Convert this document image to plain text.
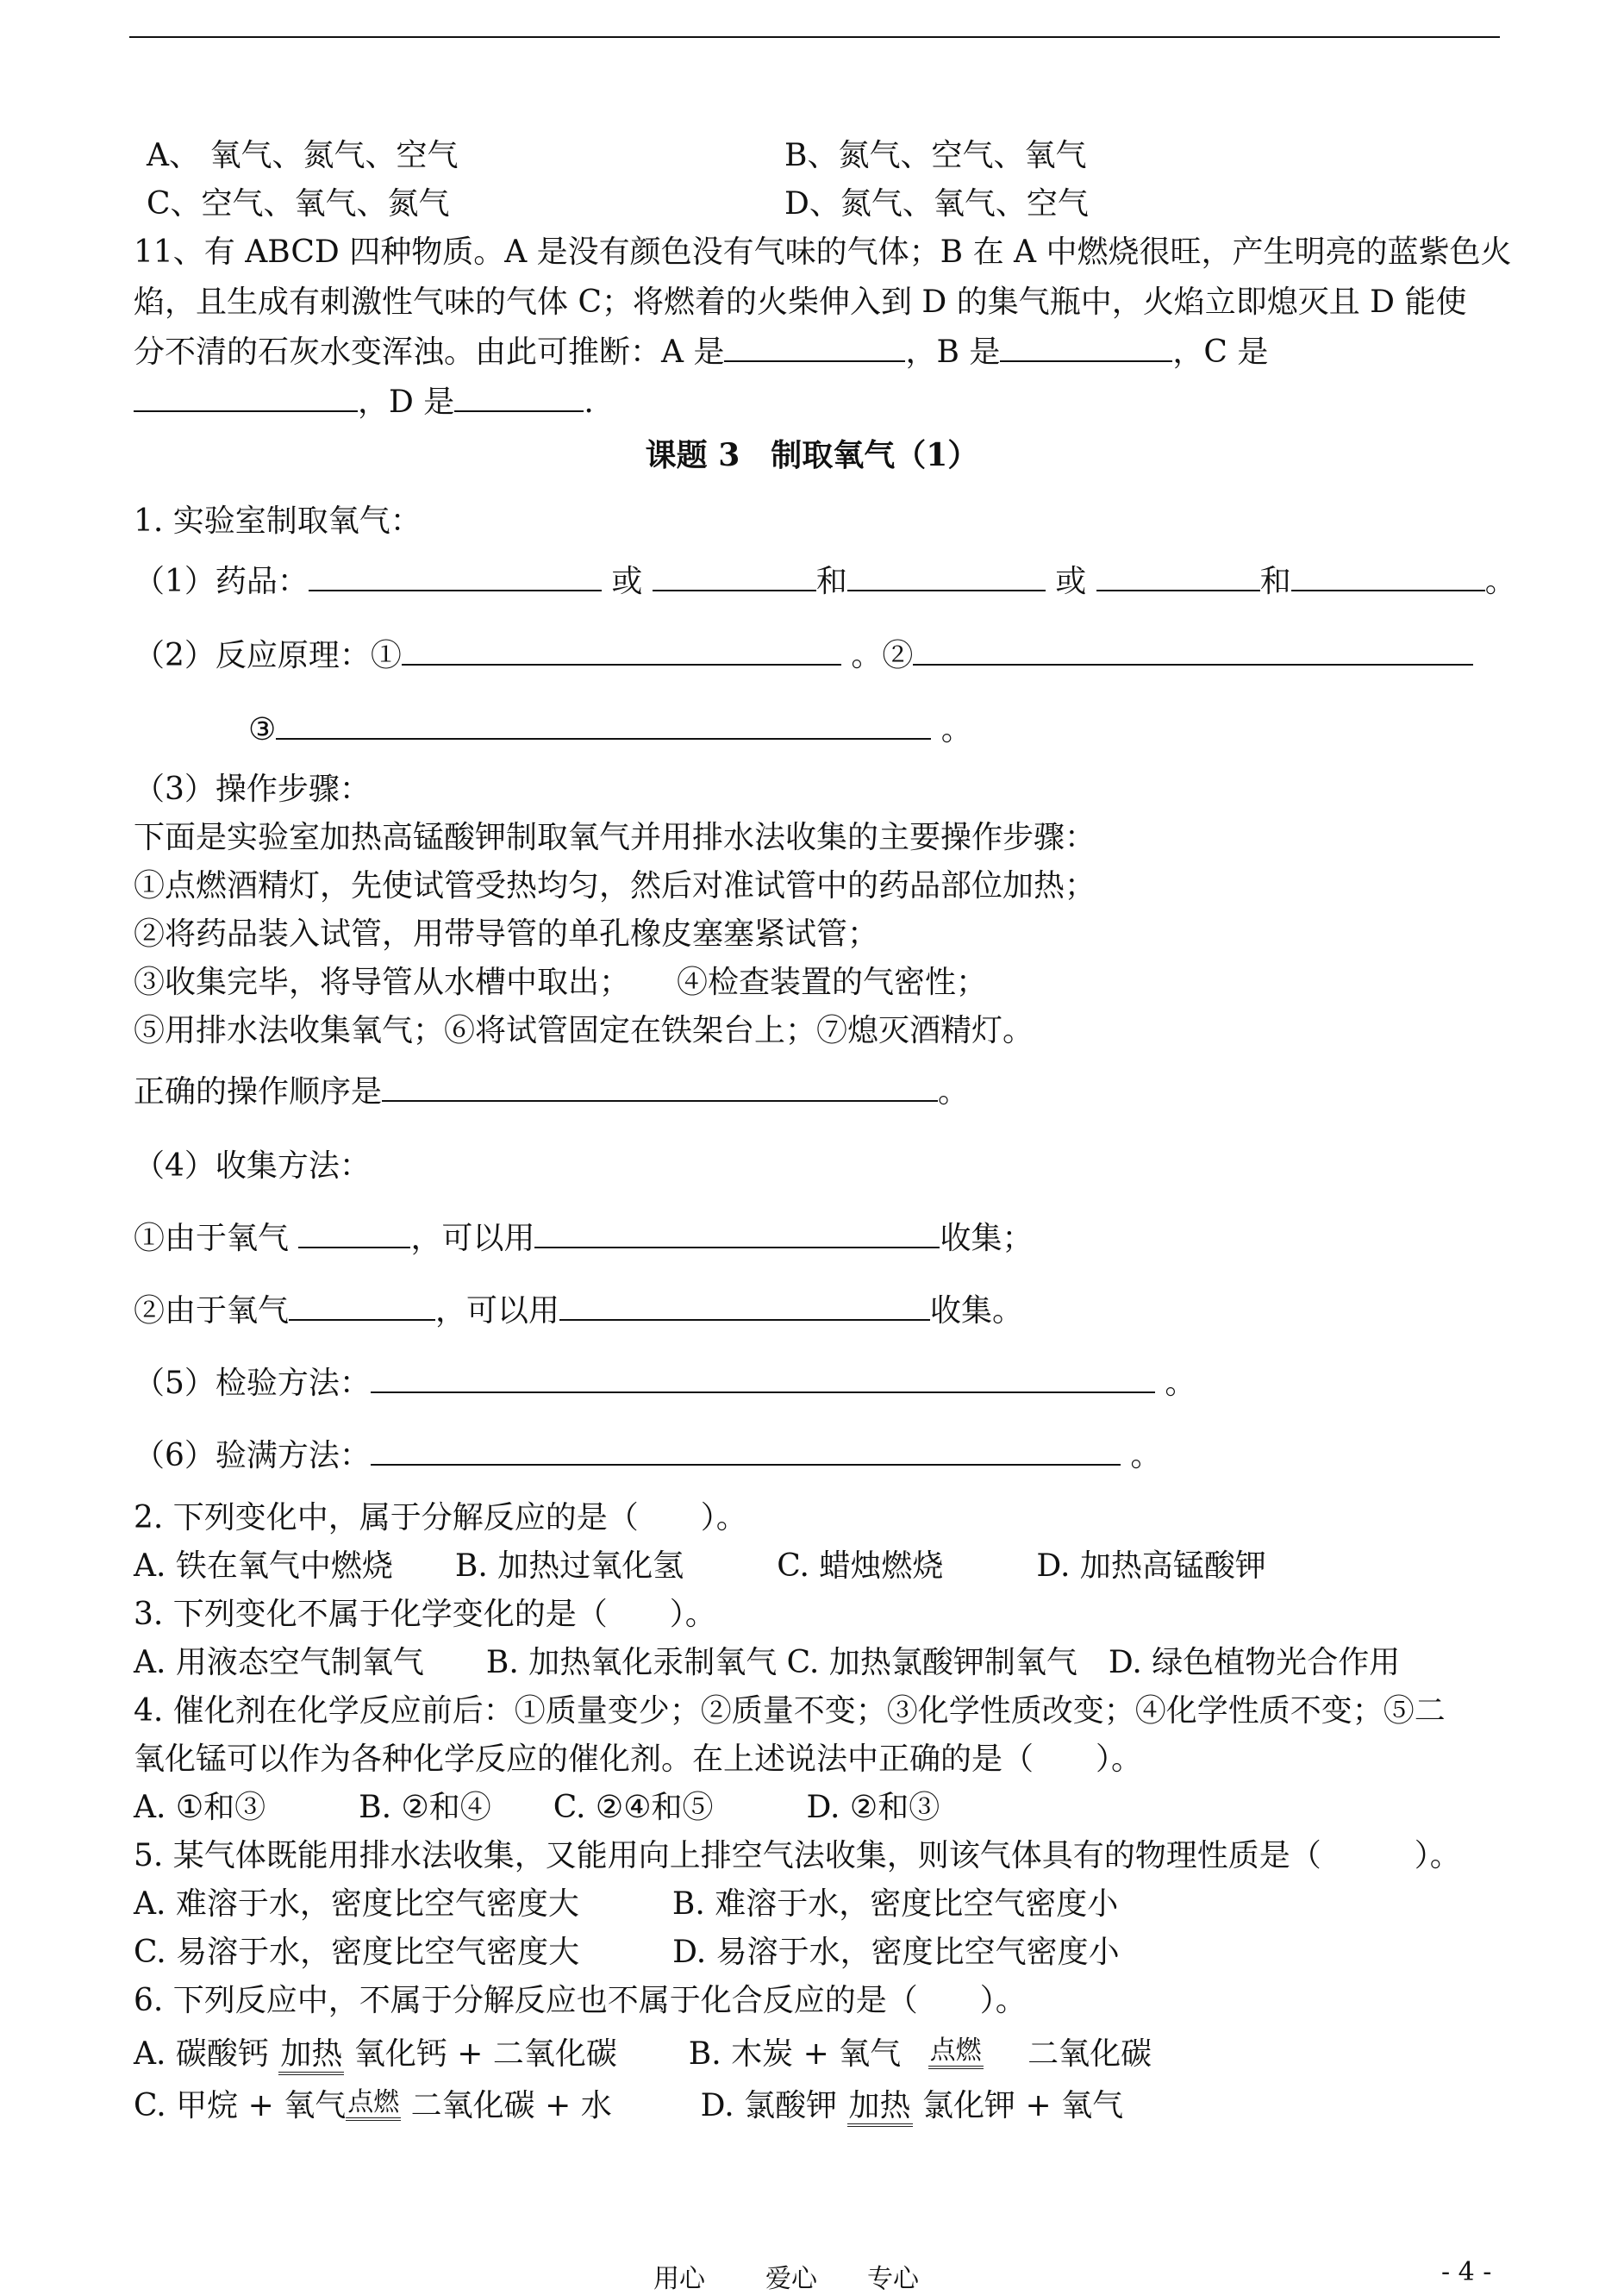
A、 氧气、氮气、空气	B、氮气、空气、氧气
C、空气、氧气、氮气	D、氮气、氧气、空气
11、有 ABCD 四种物质。A 是没有颜色没有气味的气体；B 在 A 中燃烧很旺，产生明亮的蓝紫色火
焰，且生成有刺激性气味的气体 C；将燃着的火柴伸入到 D 的集气瓶中，火焰立即熄灭且 D 能使
分不清的石灰水变浑浊。由此可推断：A 是	，B 是	，C 是
，D 是	.
课题 3　制取氧气（1）
1. 实验室制取氧气：
（1）药品：	或	和	或	和	。
（2）反应原理：①	。②
③	。
（3）操作步骤：
下面是实验室加热高锰酸钾制取氧气并用排水法收集的主要操作步骤：
①点燃酒精灯，先使试管受热均匀，然后对准试管中的药品部位加热；
②将药品装入试管，用带导管的单孔橡皮塞塞紧试管；
③收集完毕，将导管从水槽中取出；　　④检查装置的气密性；
⑤用排水法收集氧气；⑥将试管固定在铁架台上；⑦熄灭酒精灯。
正确的操作顺序是	。
（4）收集方法：
①由于氧气	，可以用	收集；
②由于氧气	，可以用	收集。
（5）检验方法：	。
（6）验满方法：	。
2. 下列变化中，属于分解反应的是（　　）。
A. 铁在氧气中燃烧　　B. 加热过氧化氢　　　C. 蜡烛燃烧　　　D. 加热高锰酸钾
3. 下列变化不属于化学变化的是（　　）。
A. 用液态空气制氧气　　B. 加热氧化汞制氧气 C. 加热氯酸钾制氧气　D. 绿色植物光合作用
4. 催化剂在化学反应前后：①质量变少；②质量不变；③化学性质改变；④化学性质不变；⑤二
氧化锰可以作为各种化学反应的催化剂。在上述说法中正确的是（　　）。
A. ①和③　　　B. ②和④　　C. ②④和⑤　　　D. ②和③
5. 某气体既能用排水法收集，又能用向上排空气法收集，则该气体具有的物理性质是（　　　）。
A. 难溶于水，密度比空气密度大　　　B. 难溶于水，密度比空气密度小
C. 易溶于水，密度比空气密度大　　　D. 易溶于水，密度比空气密度小
6. 下列反应中，不属于分解反应也不属于化合反应的是（　　）。
A. 碳酸钙 加热 氧化钙 + 二氧化碳 B. 木炭 + 氧气 点燃 二氧化碳
C. 甲烷 + 氧气点燃 二氧化碳 + 水	D. 氯酸钾 加热 氯化钾 + 氧气
用心 爱心 专心	- 4 -
